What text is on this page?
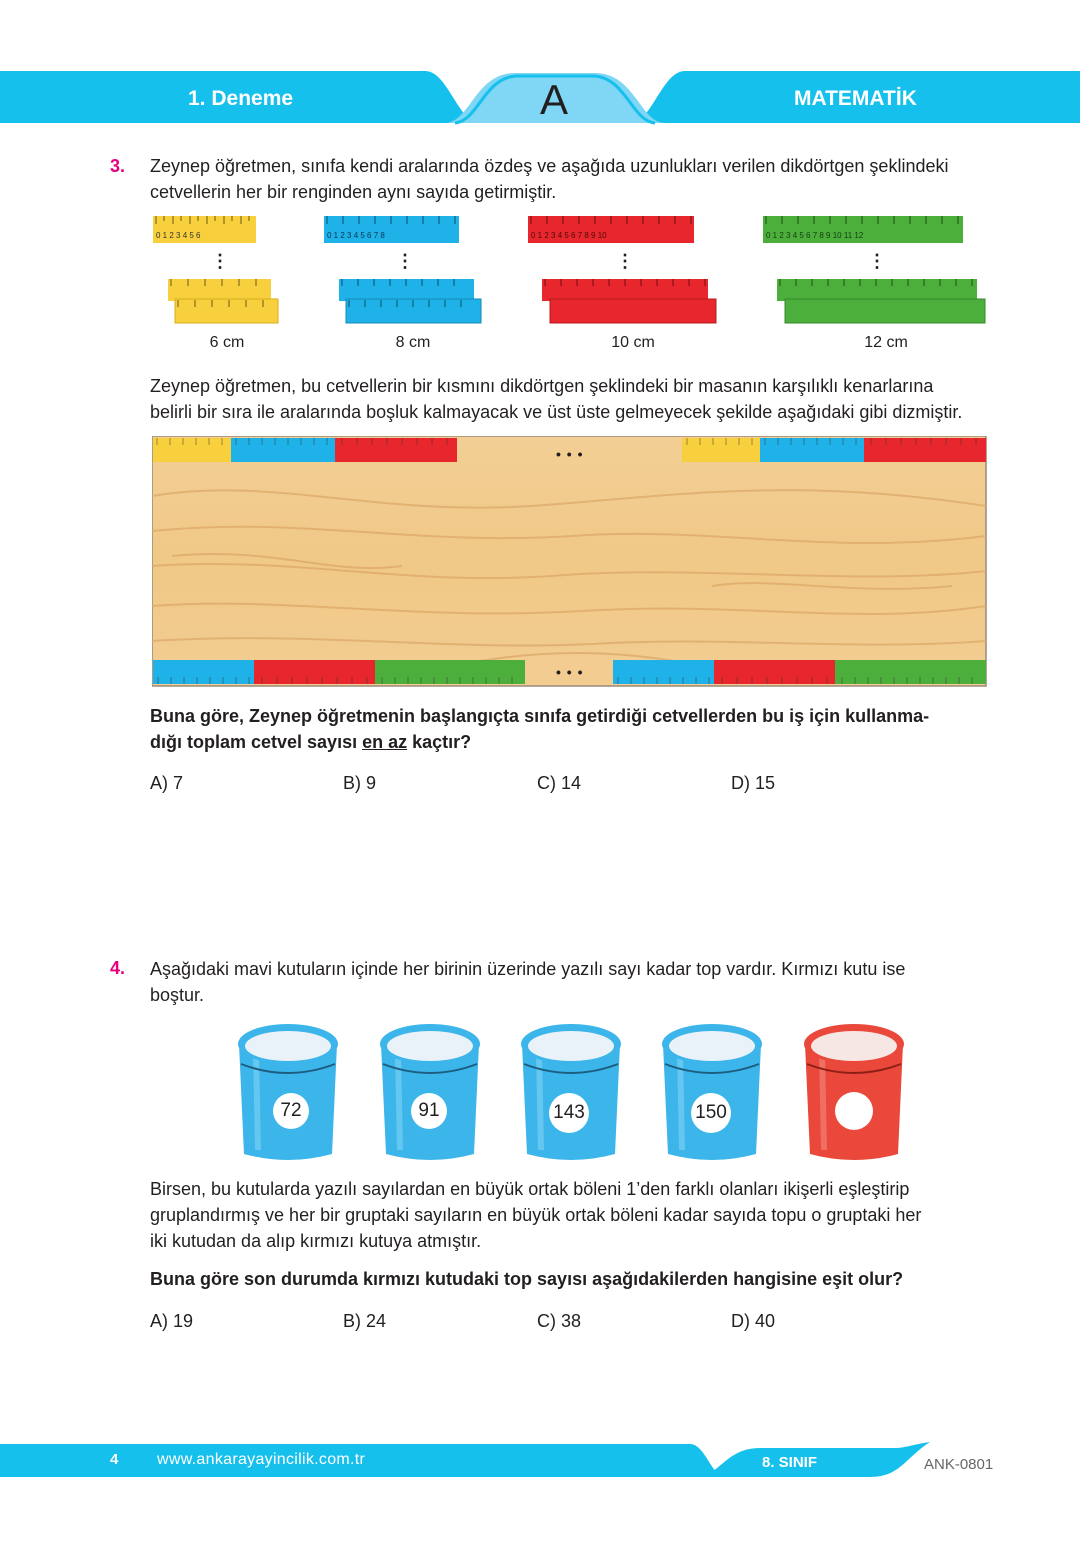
1. Deneme	A	MATEMATİK
3. Zeynep öğretmen, sınıfa kendi aralarında özdeş ve aşağıda uzunlukları verilen dikdörtgen şeklindeki
cetvellerin her bir renginden aynı sayıda getirmiştir.
0 1 2 3 4 5 6
⋮
0 1 2 3 4 5 6 7 8
⋮
0 1 2 3 4 5 6 7 8 9 10
⋮
0 1 2 3 4 5 6 7 8 9 10 11 12
⋮
6 cm	8 cm	10 cm	12 cm
Zeynep öğretmen, bu cetvellerin bir kısmını dikdörtgen şeklindeki bir masanın karşılıklı kenarlarına
belirli bir sıra ile aralarında boşluk kalmayacak ve üst üste gelmeyecek şekilde aşağıdaki gibi dizmiştir.
• • •
• • •
Buna göre, Zeynep öğretmenin başlangıçta sınıfa getirdiği cetvellerden bu iş için kullanma-
dığı toplam cetvel sayısı en az kaçtır?
A) 7	B) 9	C) 14	D) 15
4. Aşağıdaki mavi kutuların içinde her birinin üzerinde yazılı sayı kadar top vardır. Kırmızı kutu ise
boştur.
72	91	143	150
Birsen, bu kutularda yazılı sayılardan en büyük ortak böleni 1’den farklı olanları ikişerli eşleştirip
gruplandırmış ve her bir gruptaki sayıların en büyük ortak böleni kadar sayıda topu o gruptaki her
iki kutudan da alıp kırmızı kutuya atmıştır.
Buna göre son durumda kırmızı kutudaki top sayısı aşağıdakilerden hangisine eşit olur?
A) 19	B) 24	C) 38	D) 40
4 www.ankarayayincilik.com.tr	8. SINIF	ANK-0801
